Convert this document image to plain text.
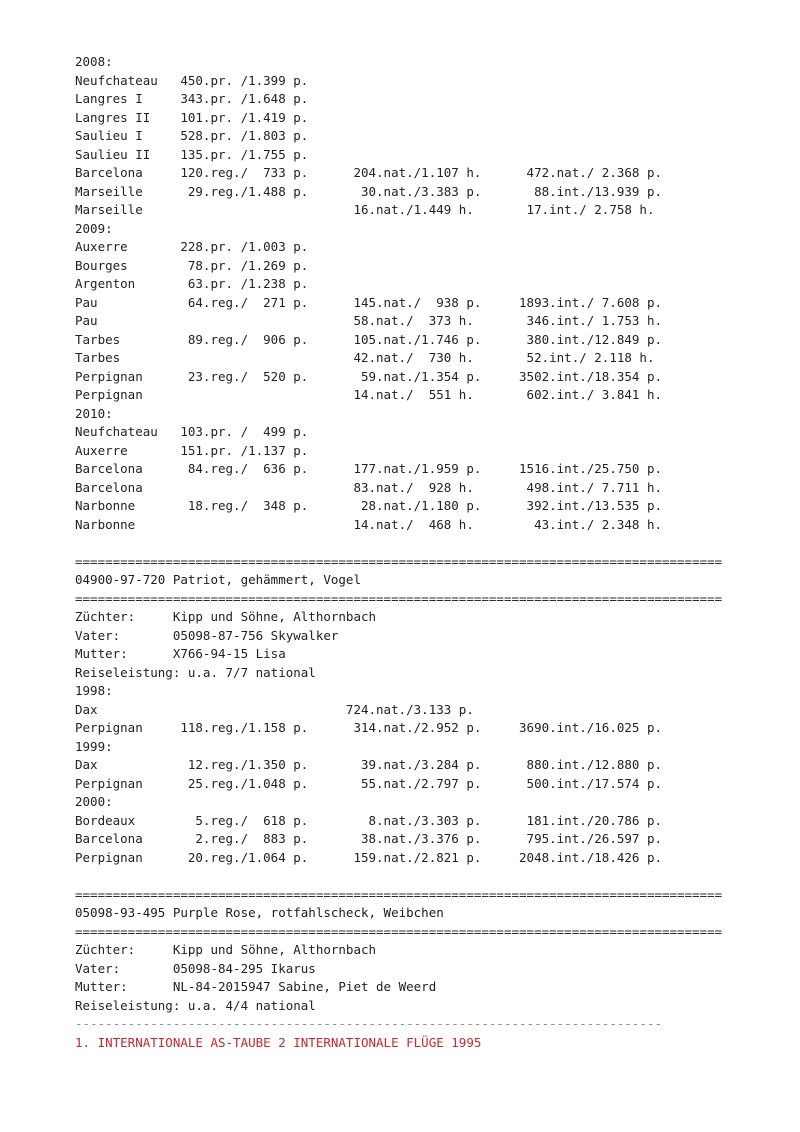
2008:
Neufchateau   450.pr. /1.399 p.
Langres I     343.pr. /1.648 p.
Langres II    101.pr. /1.419 p.
Saulieu I     528.pr. /1.803 p.
Saulieu II    135.pr. /1.755 p.
Barcelona     120.reg./  733 p.      204.nat./1.107 h.      472.nat./ 2.368 p.
Marseille      29.reg./1.488 p.       30.nat./3.383 p.       88.int./13.939 p.
Marseille                            16.nat./1.449 h.       17.int./ 2.758 h.
2009:
Auxerre       228.pr. /1.003 p.
Bourges        78.pr. /1.269 p.
Argenton       63.pr. /1.238 p.
Pau            64.reg./  271 p.      145.nat./  938 p.     1893.int./ 7.608 p.
Pau                                  58.nat./  373 h.       346.int./ 1.753 h.
Tarbes         89.reg./  906 p.      105.nat./1.746 p.      380.int./12.849 p.
Tarbes                               42.nat./  730 h.       52.int./ 2.118 h.
Perpignan      23.reg./  520 p.       59.nat./1.354 p.     3502.int./18.354 p.
Perpignan                            14.nat./  551 h.       602.int./ 3.841 h.
2010:
Neufchateau   103.pr. /  499 p.
Auxerre       151.pr. /1.137 p.
Barcelona      84.reg./  636 p.      177.nat./1.959 p.     1516.int./25.750 p.
Barcelona                            83.nat./  928 h.       498.int./ 7.711 h.
Narbonne       18.reg./  348 p.       28.nat./1.180 p.      392.int./13.535 p.
Narbonne                             14.nat./  468 h.        43.int./ 2.348 h.
======================================================================================
04900-97-720 Patriot, gehämmert, Vogel
======================================================================================
Züchter:     Kipp und Söhne, Althornbach
Vater:       05098-87-756 Skywalker
Mutter:      X766-94-15 Lisa
Reiseleistung: u.a. 7/7 national
1998:
Dax                                 724.nat./3.133 p.
Perpignan     118.reg./1.158 p.      314.nat./2.952 p.     3690.int./16.025 p.
1999:
Dax            12.reg./1.350 p.       39.nat./3.284 p.      880.int./12.880 p.
Perpignan      25.reg./1.048 p.       55.nat./2.797 p.      500.int./17.574 p.
2000:
Bordeaux        5.reg./  618 p.        8.nat./3.303 p.      181.int./20.786 p.
Barcelona       2.reg./  883 p.       38.nat./3.376 p.      795.int./26.597 p.
Perpignan      20.reg./1.064 p.      159.nat./2.821 p.     2048.int./18.426 p.
======================================================================================
05098-93-495 Purple Rose, rotfahlscheck, Weibchen
======================================================================================
Züchter:     Kipp und Söhne, Althornbach
Vater:       05098-84-295 Ikarus
Mutter:      NL-84-2015947 Sabine, Piet de Weerd
Reiseleistung: u.a. 4/4 national
------------------------------------------------------------------------------
1. INTERNATIONALE AS-TAUBE 2 INTERNATIONALE FLÜGE 1995
